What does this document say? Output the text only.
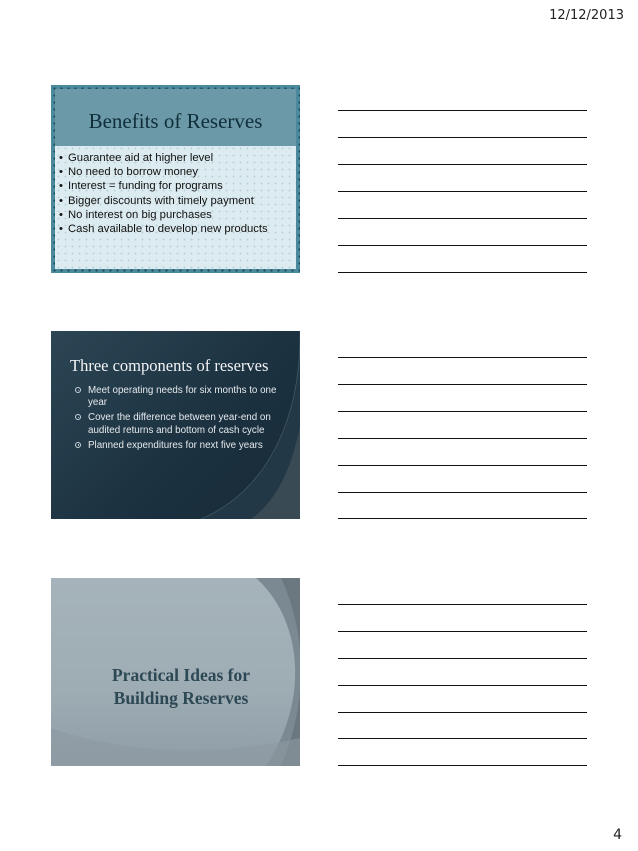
12/12/2013
Benefits of Reserves
• Guarantee aid at higher level
• No need to borrow money
• Interest = funding for programs
• Bigger discounts with timely payment
• No interest on big purchases
• Cash available to develop new products
Three components of reserves
Meet operating needs for six months to one year
Cover the difference between year-end on audited returns and bottom of cash cycle
Planned expenditures for next five years
Practical Ideas for
Building Reserves
4
